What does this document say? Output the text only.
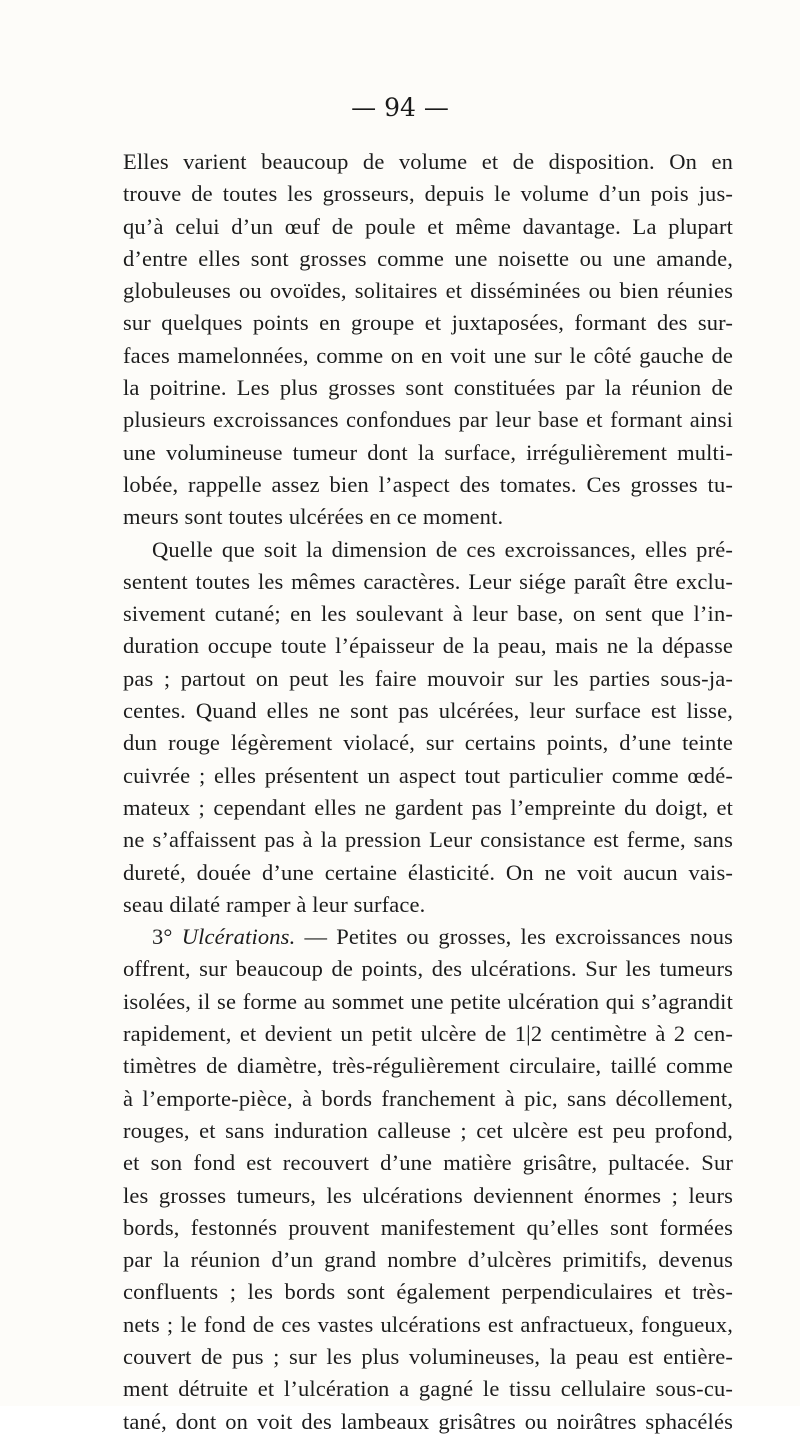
— 94 —
Elles varient beaucoup de volume et de disposition. On en
trouve de toutes les grosseurs, depuis le volume d’un pois jus-
qu’à celui d’un œuf de poule et même davantage. La plupart
d’entre elles sont grosses comme une noisette ou une amande,
globuleuses ou ovoïdes, solitaires et disséminées ou bien réunies
sur quelques points en groupe et juxtaposées, formant des sur-
faces mamelonnées, comme on en voit une sur le côté gauche de
la poitrine. Les plus grosses sont constituées par la réunion de
plusieurs excroissances confondues par leur base et formant ainsi
une volumineuse tumeur dont la surface, irrégulièrement multi-
lobée, rappelle assez bien l’aspect des tomates. Ces grosses tu-
meurs sont toutes ulcérées en ce moment.
Quelle que soit la dimension de ces excroissances, elles pré-
sentent toutes les mêmes caractères. Leur siége paraît être exclu-
sivement cutané; en les soulevant à leur base, on sent que l’in-
duration occupe toute l’épaisseur de la peau, mais ne la dépasse
pas ; partout on peut les faire mouvoir sur les parties sous-ja-
centes. Quand elles ne sont pas ulcérées, leur surface est lisse,
dun rouge légèrement violacé, sur certains points, d’une teinte
cuivrée ; elles présentent un aspect tout particulier comme œdé-
mateux ; cependant elles ne gardent pas l’empreinte du doigt, et
ne s’affaissent pas à la pression Leur consistance est ferme, sans
dureté, douée d’une certaine élasticité. On ne voit aucun vais-
seau dilaté ramper à leur surface.
3° Ulcérations. — Petites ou grosses, les excroissances nous
offrent, sur beaucoup de points, des ulcérations. Sur les tumeurs
isolées, il se forme au sommet une petite ulcération qui s’agrandit
rapidement, et devient un petit ulcère de 1|2 centimètre à 2 cen-
timètres de diamètre, très-régulièrement circulaire, taillé comme
à l’emporte-pièce, à bords franchement à pic, sans décollement,
rouges, et sans induration calleuse ; cet ulcère est peu profond,
et son fond est recouvert d’une matière grisâtre, pultacée. Sur
les grosses tumeurs, les ulcérations deviennent énormes ; leurs
bords, festonnés prouvent manifestement qu’elles sont formées
par la réunion d’un grand nombre d’ulcères primitifs, devenus
confluents ; les bords sont également perpendiculaires et très-
nets ; le fond de ces vastes ulcérations est anfractueux, fongueux,
couvert de pus ; sur les plus volumineuses, la peau est entière-
ment détruite et l’ulcération a gagné le tissu cellulaire sous-cu-
tané, dont on voit des lambeaux grisâtres ou noirâtres sphacélés
